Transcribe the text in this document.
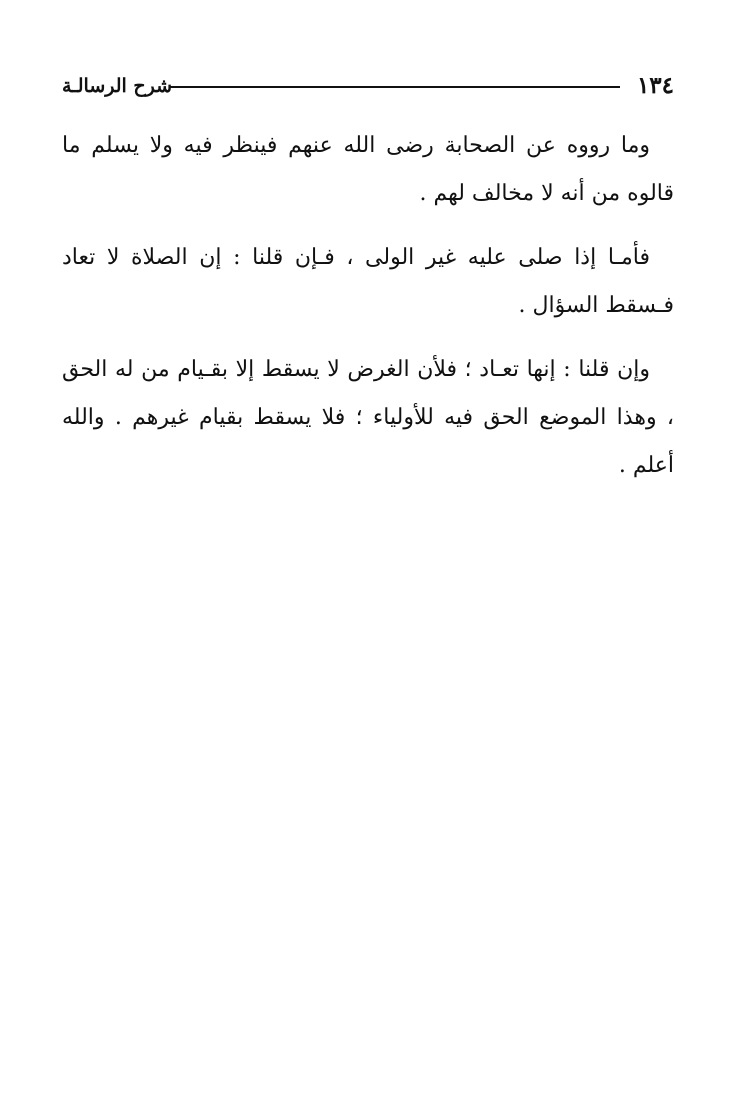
شرح الرسالـة	١٣٤

وما رووه عن الصحابة رضى الله عنهم فينظر فيه ولا يسلم ما قالوه من أنه لا مخالف لهم .

فأمـا إذا صلى عليه غير الولى ، فـإن قلنا : إن الصلاة لا تعاد فـسقط السؤال .

وإن قلنا : إنها تعـاد ؛ فلأن الغرض لا يسقط إلا بقـيام من له الحق ، وهذا الموضع الحق فيه للأولياء ؛ فلا يسقط بقيام غيرهم . والله أعلم .
